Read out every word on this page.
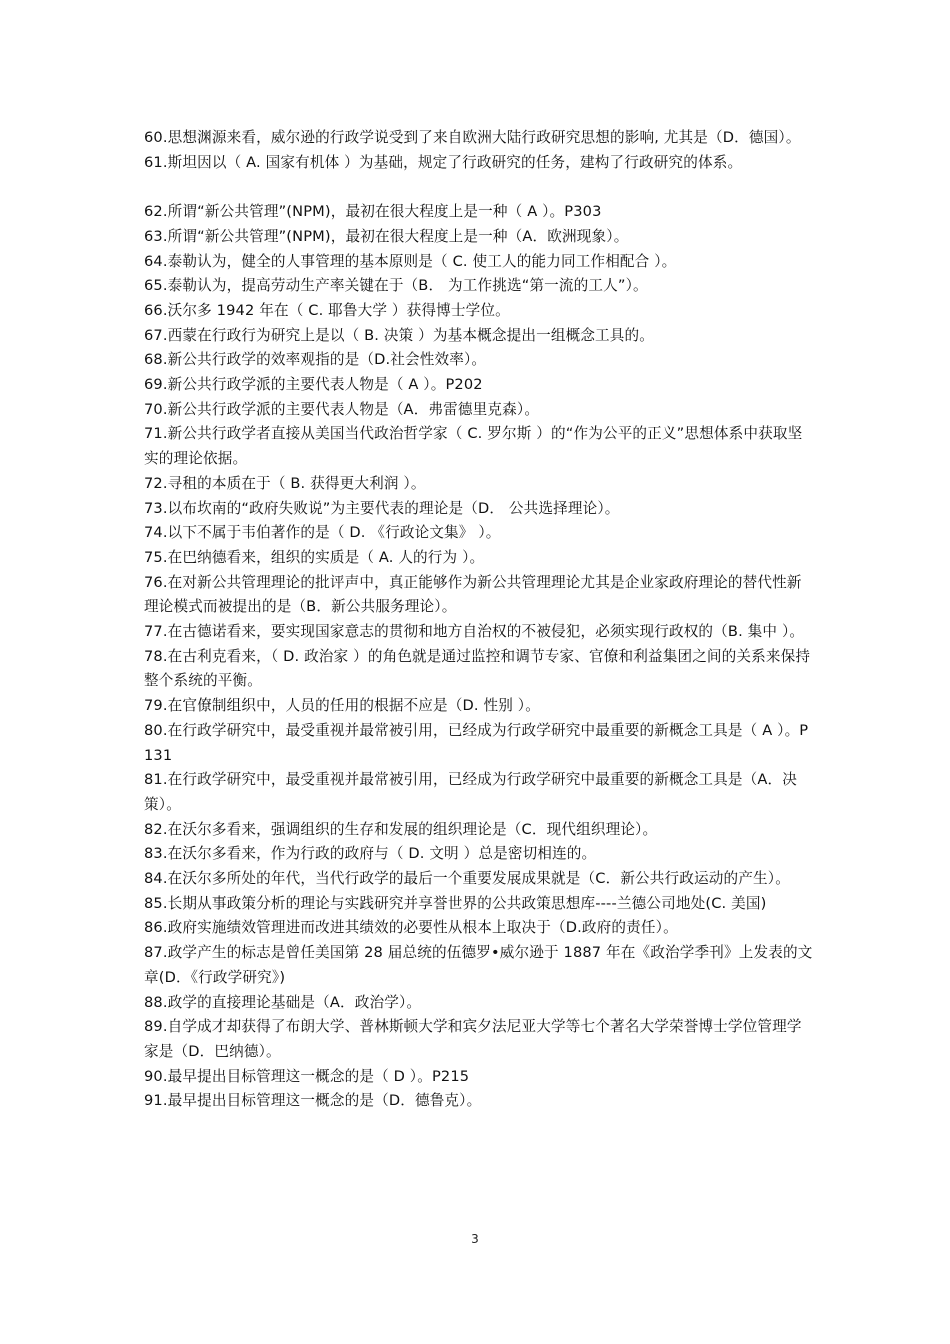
60.思想渊源来看，威尔逊的行政学说受到了来自欧洲大陆行政研究思想的影响, 尤其是（D．德国）。

61.斯坦因以（ A. 国家有机体 ）为基础，规定了行政研究的任务，建构了行政研究的体系。

62.所谓“新公共管理”(NPM)，最初在很大程度上是一种（ A ）。P303

63.所谓“新公共管理”(NPM)，最初在很大程度上是一种（A．欧洲现象）。

64.泰勒认为，健全的人事管理的基本原则是（ C. 使工人的能力同工作相配合 ）。

65.泰勒认为，提高劳动生产率关键在于（B． 为工作挑选“第一流的工人”）。

66.沃尔多 1942 年在（ C. 耶鲁大学 ）获得博士学位。

67.西蒙在行政行为研究上是以（ B. 决策 ）为基本概念提出一组概念工具的。

68.新公共行政学的效率观指的是（D.社会性效率）。

69.新公共行政学派的主要代表人物是（ A ）。P202

70.新公共行政学派的主要代表人物是（A．弗雷德里克森）。

71.新公共行政学者直接从美国当代政治哲学家（ C. 罗尔斯 ）的“作为公平的正义”思想体系中获取坚实的理论依据。

72.寻租的本质在于（ B. 获得更大利润 ）。

73.以布坎南的“政府失败说”为主要代表的理论是（D． 公共选择理论）。

74.以下不属于韦伯著作的是（ D. 《行政论文集》 ）。

75.在巴纳德看来，组织的实质是（ A. 人的行为 ）。

76.在对新公共管理理论的批评声中，真正能够作为新公共管理理论尤其是企业家政府理论的替代性新理论模式而被提出的是（B．新公共服务理论）。

77.在古德诺看来，要实现国家意志的贯彻和地方自治权的不被侵犯，必须实现行政权的（B. 集中 ）。

78.在古利克看来，（ D. 政治家 ）的角色就是通过监控和调节专家、官僚和利益集团之间的关系来保持整个系统的平衡。

79.在官僚制组织中，人员的任用的根据不应是（D. 性别 ）。

80.在行政学研究中，最受重视并最常被引用，已经成为行政学研究中最重要的新概念工具是（ A ）。P131

81.在行政学研究中，最受重视并最常被引用，已经成为行政学研究中最重要的新概念工具是（A．决策）。

82.在沃尔多看来，强调组织的生存和发展的组织理论是（C．现代组织理论）。

83.在沃尔多看来，作为行政的政府与（ D. 文明 ）总是密切相连的。

84.在沃尔多所处的年代，当代行政学的最后一个重要发展成果就是（C．新公共行政运动的产生）。

85.长期从事政策分析的理论与实践研究并享誉世界的公共政策思想库----兰德公司地处(C. 美国)

86.政府实施绩效管理进而改进其绩效的必要性从根本上取决于（D.政府的责任）。

87.政学产生的标志是曾任美国第 28 届总统的伍德罗•威尔逊于 1887 年在《政治学季刊》上发表的文章(D．《行政学研究》)

88.政学的直接理论基础是（A．政治学）。

89.自学成才却获得了布朗大学、普林斯顿大学和宾夕法尼亚大学等七个著名大学荣誉博士学位管理学家是（D．巴纳德）。

90.最早提出目标管理这一概念的是（ D ）。P215

91.最早提出目标管理这一概念的是（D．德鲁克）。

3
